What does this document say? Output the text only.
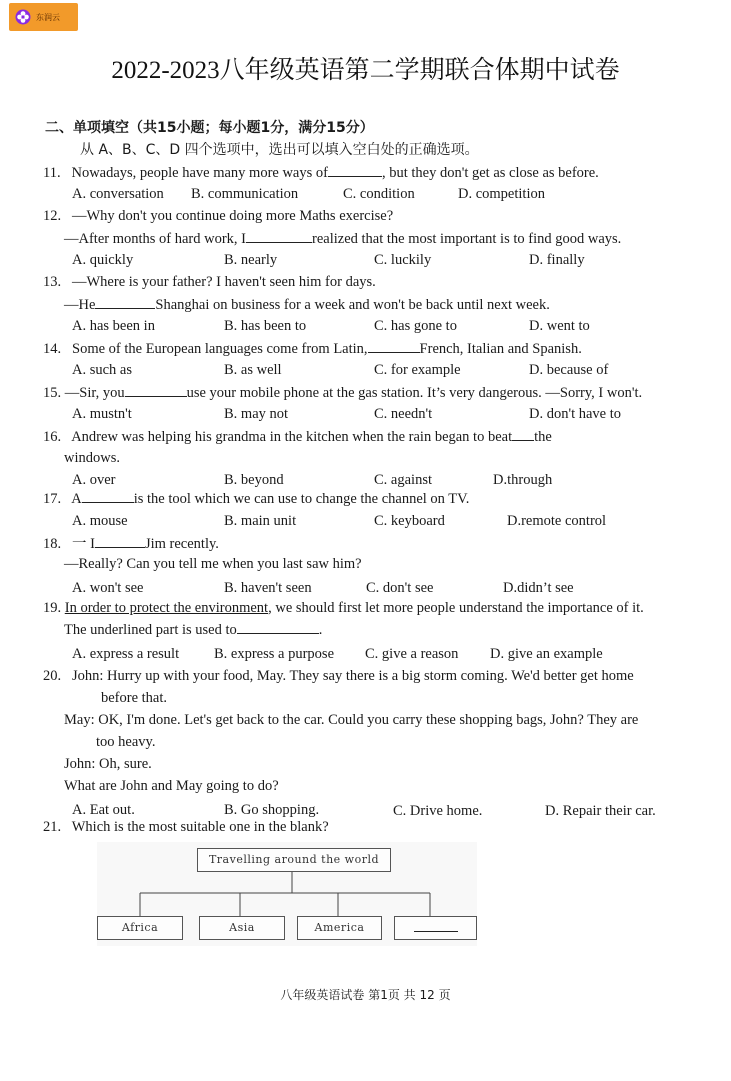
东润云
2022-2023八年级英语第二学期联合体期中试卷
二、单项填空（共15小题；每小题1分，满分15分）
从 A、B、C、D 四个选项中，选出可以填入空白处的正确选项。
11. Nowadays, people have many more ways of	, but they don't get as close as before.
A. conversation B. communication	C. condition	D. competition
12. —Why don't you continue doing more Maths exercise?
—After months of hard work, I	realized that the most important is to find good ways.
A. quickly	B. nearly	C. luckily	D. finally
13. —Where is your father? I haven't seen him for days.
—He	Shanghai on business for a week and won't be back until next week.
A. has been in	B. has been to	C. has gone to	D. went to
14. Some of the European languages come from Latin,	French, Italian and Spanish.
A. such as	B. as well	C. for example	D. because of
15. —Sir, you	use your mobile phone at the gas station. It’s very dangerous. —Sorry, I won't.
A. mustn't	B. may not	C. needn't	D. don't have to
16. Andrew was helping his grandma in the kitchen when the rain began to beat the
windows.
A. over	B. beyond	C. against	D.through
17. A	is the tool which we can use to change the channel on TV.
A. mouse	B. main unit	C. keyboard	D.remote control
18. 一 I	Jim recently.
—Really? Can you tell me when you last saw him?
A. won't see	B. haven't seen	C. don't see	D.didn’t see
19. In order to protect the environment, we should first let more people understand the importance of it.
The underlined part is used to	.
A. express a result B. express a purpose C. give a reason D. give an example
20. John: Hurry up with your food, May. They say there is a big storm coming. We'd better get home
before that.
May: OK, I'm done. Let's get back to the car. Could you carry these shopping bags, John? They are
too heavy.
John: Oh, sure.
What are John and May going to do?
A. Eat out.	B. Go shopping.	C. Drive home.	D. Repair their car.
21. Which is the most suitable one in the blank?
Travelling around the world
Africa	Asia	America
八年级英语试卷 第1页 共 12 页
